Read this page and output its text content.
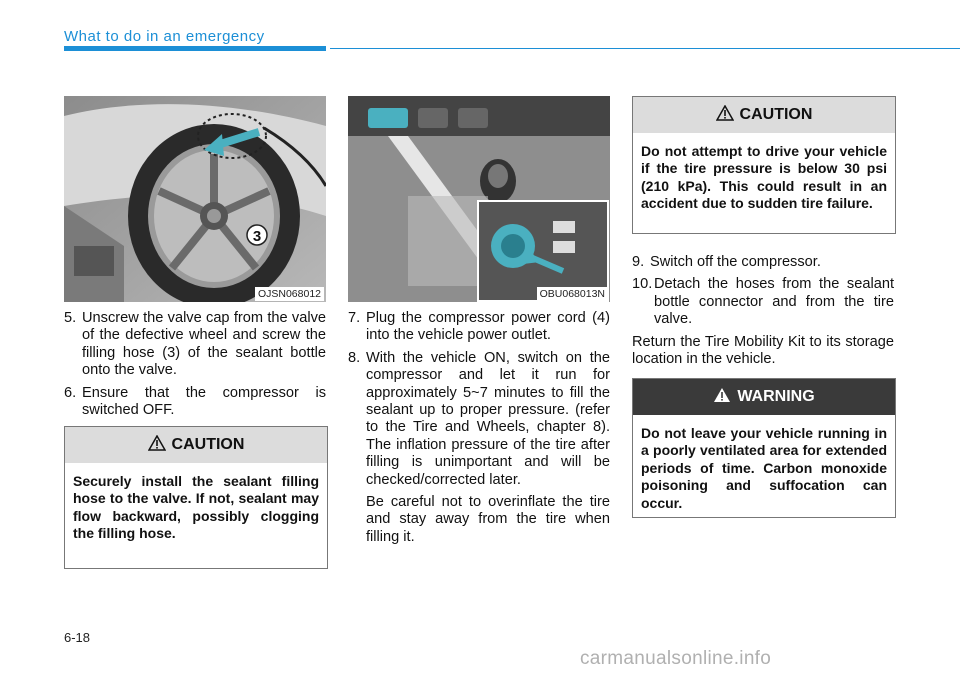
What to do in an emergency
3
OJSN068012	OBU068013N
5. Unscrew the valve cap from the valve of the defective wheel and screw the filling hose (3) of the sealant bottle onto the valve.
6. Ensure that the compressor is switched OFF.
CAUTION
Securely install the sealant filling hose to the valve. If not, sealant may flow backward, possibly clogging the filling hose.
7. Plug the compressor power cord (4) into the vehicle power outlet.
8. With the vehicle ON, switch on the compressor and let it run for approximately 5~7 minutes to fill the sealant up to proper pressure. (refer to the Tire and Wheels, chapter 8). The inflation pressure of the tire after filling is unimportant and will be checked/corrected later.
Be careful not to overinflate the tire and stay away from the tire when filling it.
CAUTION
Do not attempt to drive your vehicle if the tire pressure is below 30 psi (210 kPa). This could result in an accident due to sudden tire failure.
9. Switch off the compressor.
10. Detach the hoses from the sealant bottle connector and from the tire valve.
Return the Tire Mobility Kit to its storage location in the vehicle.
WARNING
Do not leave your vehicle running in a poorly ventilated area for extended periods of time. Carbon monoxide poisoning and suffocation can occur.
6-18
carmanualsonline.info
